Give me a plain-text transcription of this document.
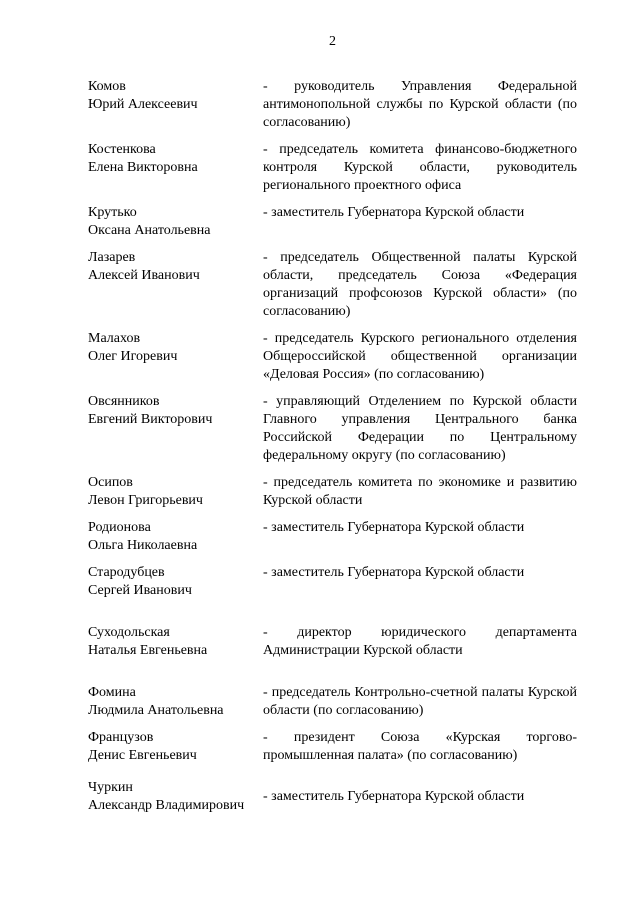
2
Комов
Юрий Алексеевич
- руководитель Управления Федеральной антимонопольной службы по Курской области (по согласованию)
Костенкова
Елена Викторовна
- председатель комитета финансово-бюджетного контроля Курской области, руководитель регионального проектного офиса
Крутько
Оксана Анатольевна
- заместитель Губернатора Курской области
Лазарев
Алексей Иванович
- председатель Общественной палаты Курской области, председатель Союза «Федерация организаций профсоюзов Курской области» (по согласованию)
Малахов
Олег Игоревич
- председатель Курского регионального отделения Общероссийской общественной организации «Деловая Россия» (по согласованию)
Овсянников
Евгений Викторович
- управляющий Отделением по Курской области Главного управления Центрального банка Российской Федерации по Центральному федеральному округу (по согласованию)
Осипов
Левон Григорьевич
- председатель комитета по экономике и развитию Курской области
Родионова
Ольга Николаевна
- заместитель Губернатора Курской области
Стародубцев
Сергей Иванович
- заместитель Губернатора Курской области
Суходольская
Наталья Евгеньевна
- директор юридического департамента Администрации Курской области
Фомина
Людмила Анатольевна
- председатель Контрольно-счетной палаты Курской области (по согласованию)
Французов
Денис Евгеньевич
- президент Союза «Курская торгово-промышленная палата» (по согласованию)
Чуркин
Александр Владимирович
- заместитель Губернатора Курской области
